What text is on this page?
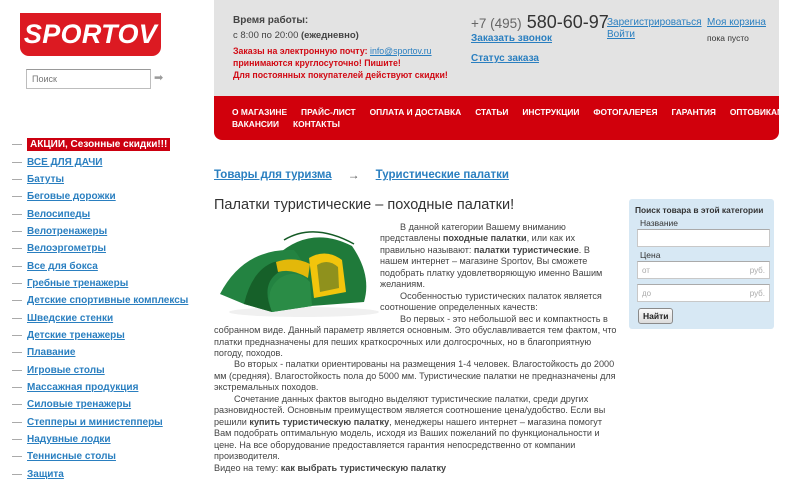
SPORTOV
Поиск
➡
Время работы:
с 8:00 по 20:00 (ежедневно)
Заказы на электронную почту: info@sportov.ru
принимаются круглосуточно! Пишите!
Для постоянных покупателей действуют скидки!
+7 (495) 580-60-97
Заказать звонок
Статус заказа
Зарегистрироваться
Войти
Моя корзина
пока пусто
О МАГАЗИНЕ ПРАЙС-ЛИСТ ОПЛАТА И ДОСТАВКА СТАТЬИ ИНСТРУКЦИИ ФОТОГАЛЕРЕЯ ГАРАНТИЯ ОПТОВИКАМ
ВАКАНСИИ КОНТАКТЫ
АКЦИИ, Сезонные скидки!!!
ВСЕ ДЛЯ ДАЧИ
Батуты
Беговые дорожки
Велосипеды
Велотренажеры
Велоэргометры
Все для бокса
Гребные тренажеры
Детские спортивные комплексы
Шведские стенки
Детские тренажеры
Плавание
Игровые столы
Массажная продукция
Силовые тренажеры
Степперы и министепперы
Надувные лодки
Теннисные столы
Защита
Товары для туризма → Туристические палатки
Палатки туристические – походные палатки!

В данной категории Вашему вниманию представлены походные палатки, или как их правильно называют: палатки туристические. В нашем интернет – магазине Sportov, Вы сможете подобрать платку удовлетворяющую именно Вашим желаниям.

Особенностью туристических палаток является соотношение определенных качеств:

Во первых - это небольшой вес и компактность в собранном виде. Данный параметр является основным. Это обуславливается тем фактом, что платки предназначены для пеших краткосрочных или долгосрочных, но в благоприятную погоду, походов.

Во вторых - палатки ориентированы на размещения 1-4 человек. Влагостойкость до 2000 мм (средняя). Влагостойкость пола до 5000 мм. Туристические палатки не предназначены для экстремальных походов.

Сочетание данных фактов выгодно выделяют туристические палатки, среди других разновидностей. Основным преимуществом является соотношение цена/удобство. Если вы решили купить туристическую палатку, менеджеры нашего интернет – магазина помогут Вам подобрать оптимальную модель, исходя из Ваших пожеланий по функциональности и цене. На все оборудование предоставляется гарантия непосредственно от компании производителя.

Видео на тему: как выбрать туристическую палатку

Поиск товара в этой категории
Название
Цена
от	руб.
до	руб.
Найти
